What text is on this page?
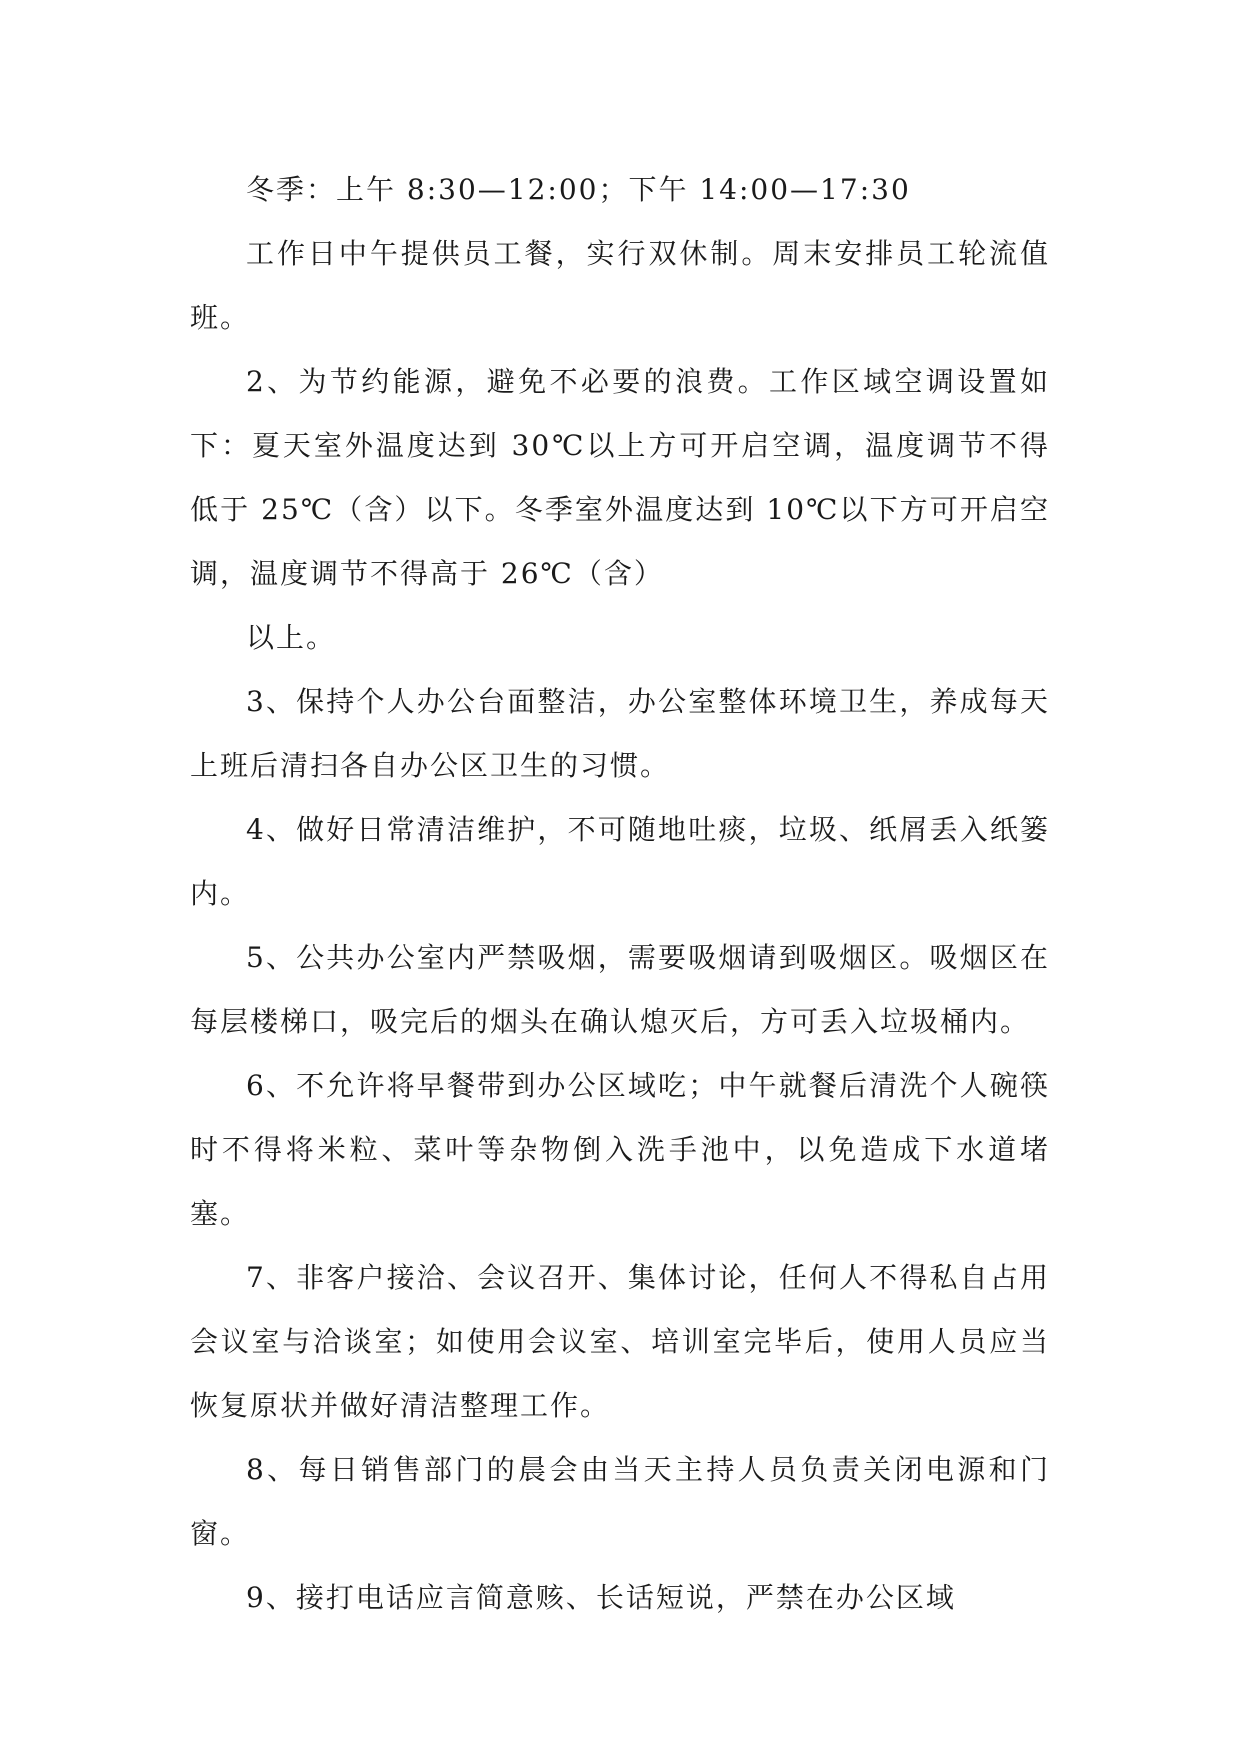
冬季：上午 8:30—12:00；下午 14:00—17:30

工作日中午提供员工餐，实行双休制。周末安排员工轮流值班。

2、为节约能源，避免不必要的浪费。工作区域空调设置如下：夏天室外温度达到 30℃以上方可开启空调，温度调节不得低于 25℃（含）以下。冬季室外温度达到 10℃以下方可开启空调，温度调节不得高于 26℃（含）

以上。

3、保持个人办公台面整洁，办公室整体环境卫生，养成每天上班后清扫各自办公区卫生的习惯。

4、做好日常清洁维护，不可随地吐痰，垃圾、纸屑丢入纸篓内。

5、公共办公室内严禁吸烟，需要吸烟请到吸烟区。吸烟区在每层楼梯口，吸完后的烟头在确认熄灭后，方可丢入垃圾桶内。

6、不允许将早餐带到办公区域吃；中午就餐后清洗个人碗筷时不得将米粒、菜叶等杂物倒入洗手池中，以免造成下水道堵塞。

7、非客户接洽、会议召开、集体讨论，任何人不得私自占用会议室与洽谈室；如使用会议室、培训室完毕后，使用人员应当恢复原状并做好清洁整理工作。

8、每日销售部门的晨会由当天主持人员负责关闭电源和门窗。

9、接打电话应言简意赅、长话短说，严禁在办公区域
